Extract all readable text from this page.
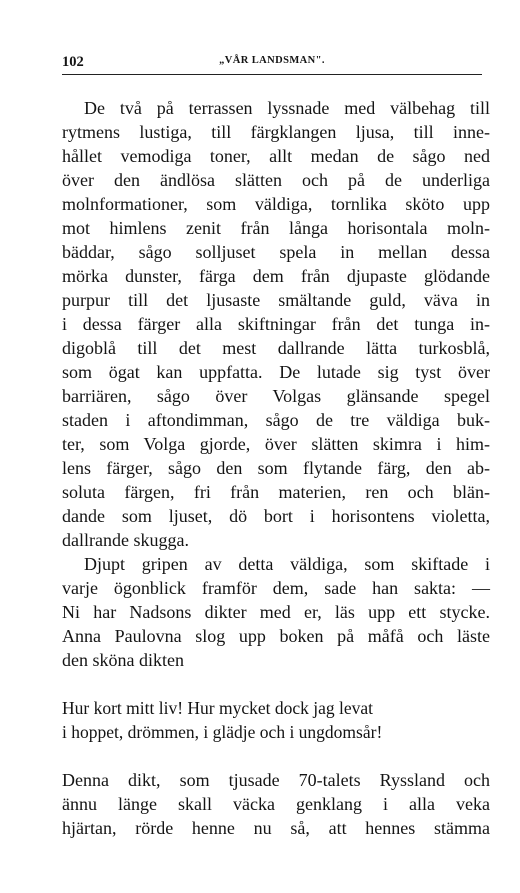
102	„VÅR LANDSMAN".
De två på terrassen lyssnade med välbehag till
rytmens lustiga, till färgklangen ljusa, till inne-
hållet vemodiga toner, allt medan de sågo ned
över den ändlösa slätten och på de underliga
molnformationer, som väldiga, tornlika sköto upp
mot himlens zenit från långa horisontala moln-
bäddar, sågo solljuset spela in mellan dessa
mörka dunster, färga dem från djupaste glödande
purpur till det ljusaste smältande guld, väva in
i dessa färger alla skiftningar från det tunga in-
digoblå till det mest dallrande lätta turkosblå,
som ögat kan uppfatta. De lutade sig tyst över
barriären, sågo över Volgas glänsande spegel
staden i aftondimman, sågo de tre väldiga buk-
ter, som Volga gjorde, över slätten skimra i him-
lens färger, sågo den som flytande färg, den ab-
soluta färgen, fri från materien, ren och blän-
dande som ljuset, dö bort i horisontens violetta,
dallrande skugga.
Djupt gripen av detta väldiga, som skiftade i
varje ögonblick framför dem, sade han sakta: —
Ni har Nadsons dikter med er, läs upp ett stycke.
Anna Paulovna slog upp boken på måfå och läste
den sköna dikten
Hur kort mitt liv! Hur mycket dock jag levat
i hoppet, drömmen, i glädje och i ungdomsår!
Denna dikt, som tjusade 70-talets Ryssland och
ännu länge skall väcka genklang i alla veka
hjärtan, rörde henne nu så, att hennes stämma
